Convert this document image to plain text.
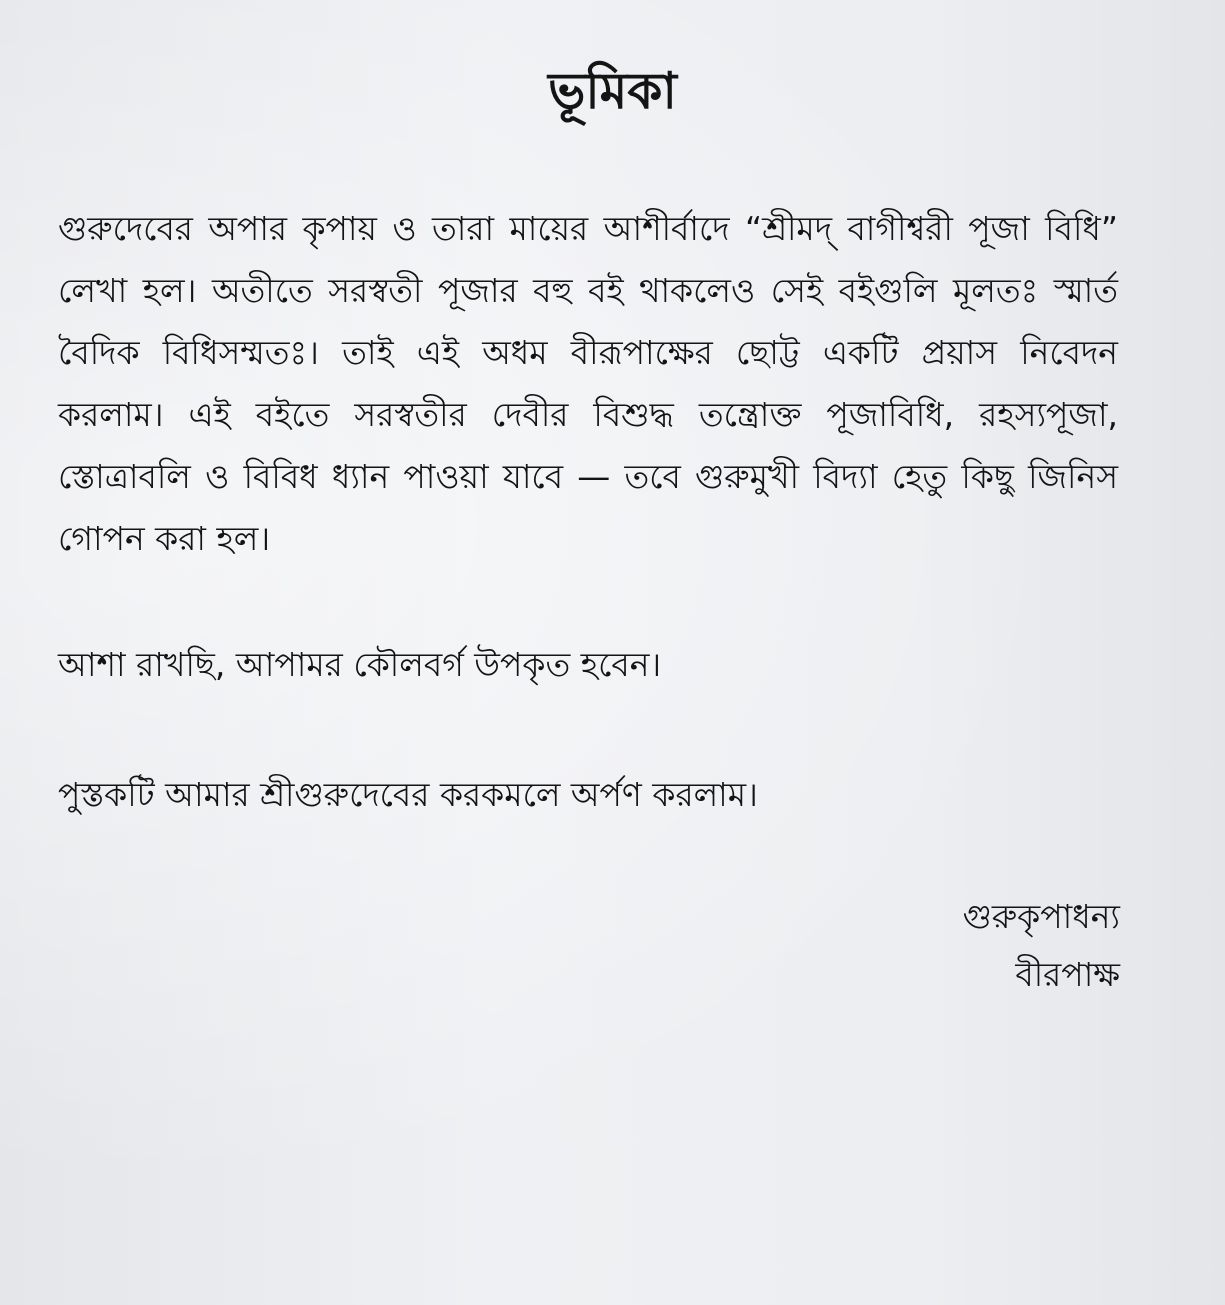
ভূমিকা

গুরুদেবের অপার কৃপায় ও তারা মায়ের আশীর্বাদে “শ্রীমদ্ বাগীশ্বরী পূজা বিধি” লেখা হল। অতীতে সরস্বতী পূজার বহু বই থাকলেও সেই বইগুলি মূলতঃ স্মার্ত বৈদিক বিধিসম্মতঃ। তাই এই অধম বীরূপাক্ষের ছোট্ট একটি প্রয়াস নিবেদন করলাম। এই বইতে সরস্বতীর দেবীর বিশুদ্ধ তন্ত্রোক্ত পূজাবিধি, রহস্যপূজা, স্তোত্রাবলি ও বিবিধ ধ্যান পাওয়া যাবে — তবে গুরুমুখী বিদ্যা হেতু কিছু জিনিস গোপন করা হল।

আশা রাখছি, আপামর কৌলবর্গ উপকৃত হবেন।

পুস্তকটি আমার শ্রীগুরুদেবের করকমলে অর্পণ করলাম।

গুরুকৃপাধন্য
বীরপাক্ষ
